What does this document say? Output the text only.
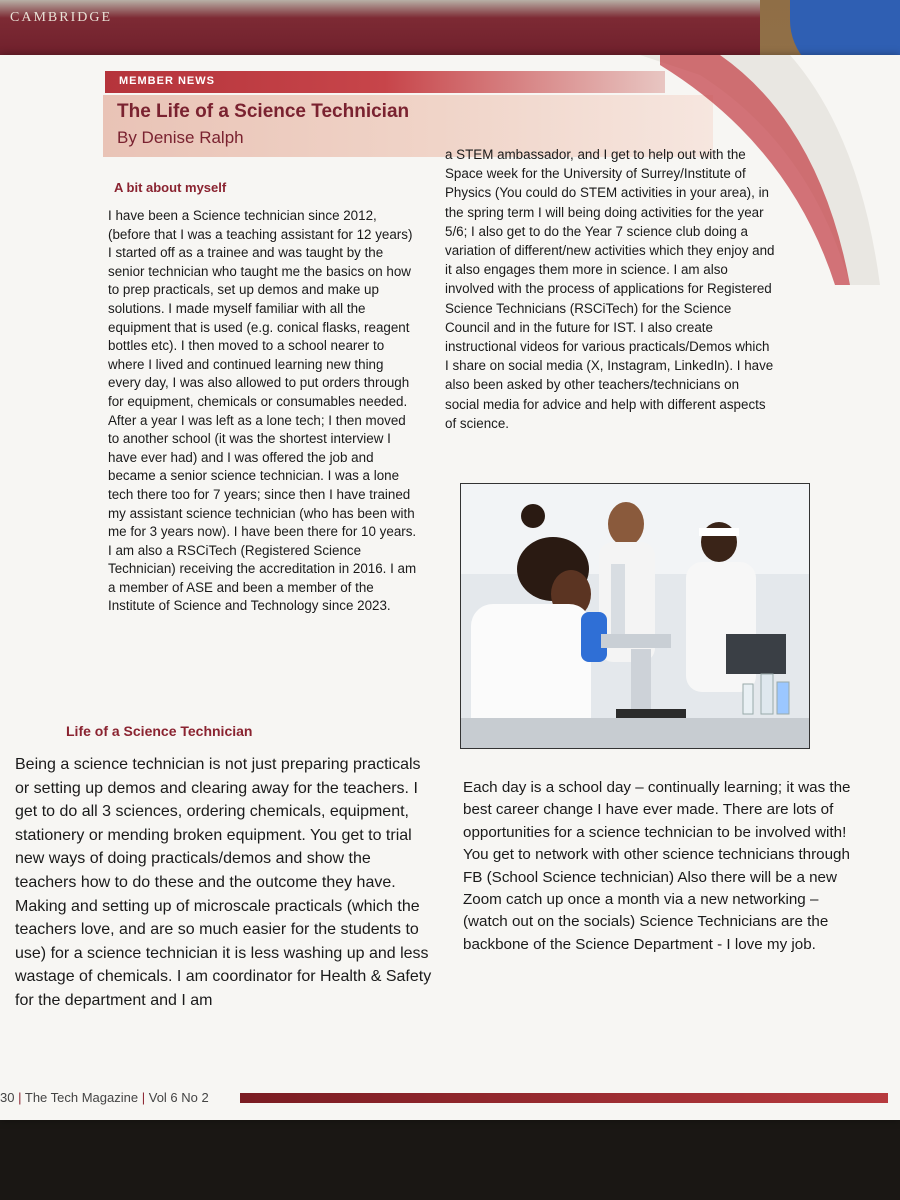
CAMBRIDGE
MEMBER NEWS
The Life of a Science Technician
By Denise Ralph
A bit about myself

I have been a Science technician since 2012, (before that I was a teaching assistant for 12 years) I started off as a trainee and was taught by the senior technician who taught me the basics on how to prep practicals, set up demos and make up solutions. I made myself familiar with all the equipment that is used (e.g. conical flasks, reagent bottles etc). I then moved to a school nearer to where I lived and continued learning new thing every day, I was also allowed to put orders through for equipment, chemicals or consumables needed. After a year I was left as a lone tech; I then moved to another school (it was the shortest interview I have ever had) and I was offered the job and became a senior science technician. I was a lone tech there too for 7 years; since then I have trained my assistant science technician (who has been with me for 3 years now). I have been there for 10 years. I am also a RSCiTech (Registered Science Technician) receiving the accreditation in 2016. I am a member of ASE and been a member of the Institute of Science and Technology since 2023.

Life of a Science Technician

Being a science technician is not just preparing practicals or setting up demos and clearing away for the teachers. I get to do all 3 sciences, ordering chemicals, equipment, stationery or mending broken equipment. You get to trial new ways of doing practicals/demos and show the teachers how to do these and the outcome they have. Making and setting up of microscale practicals (which the teachers love, and are so much easier for the students to use) for a science technician it is less washing up and less wastage of chemicals. I am coordinator for Health & Safety for the department and I am

a STEM ambassador, and I get to help out with the Space week for the University of Surrey/Institute of Physics (You could do STEM activities in your area), in the spring term I will being doing activities for the year 5/6; I also get to do the Year 7 science club doing a variation of different/new activities which they enjoy and it also engages them more in science. I am also involved with the process of applications for Registered Science Technicians (RSCiTech) for the Science Council and in the future for IST. I also create instructional videos for various practicals/Demos which I share on social media (X, Instagram, LinkedIn). I have also been asked by other teachers/technicians on social media for advice and help with different aspects of science.

Each day is a school day – continually learning; it was the best career change I have ever made. There are lots of opportunities for a science technician to be involved with! You get to network with other science technicians through FB (School Science technician) Also there will be a new Zoom catch up once a month via a new networking – (watch out on the socials) Science Technicians are the backbone of the Science Department - I love my job.

30 | The Tech Magazine | Vol 6 No 2
